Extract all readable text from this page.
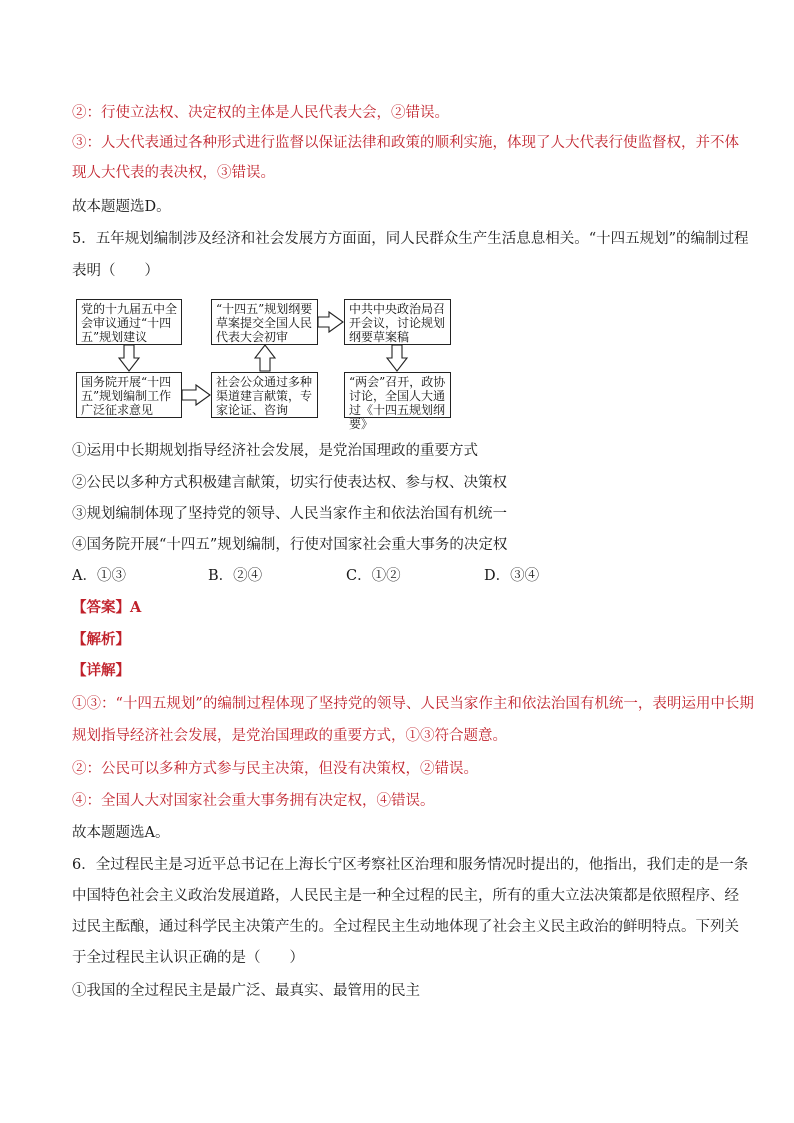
②：行使立法权、决定权的主体是人民代表大会，②错误。
③：人大代表通过各种形式进行监督以保证法律和政策的顺利实施，体现了人大代表行使监督权，并不体
现人大代表的表决权，③错误。
故本题题选D。
5．五年规划编制涉及经济和社会发展方方面面，同人民群众生产生活息息相关。“十四五规划”的编制过程
表明（　　）
党的十九届五中全会审议通过“十四五”规划建议
“十四五”规划纲要草案提交全国人民代表大会初审
中共中央政治局召开会议，讨论规划纲要草案稿
国务院开展“十四五”规划编制工作广泛征求意见
社会公众通过多种渠道建言献策，专家论证、咨询
“两会”召开，政协讨论，全国人大通过《十四五规划纲要》
①运用中长期规划指导经济社会发展，是党治国理政的重要方式
②公民以多种方式积极建言献策，切实行使表达权、参与权、决策权
③规划编制体现了坚持党的领导、人民当家作主和依法治国有机统一
④国务院开展“十四五”规划编制，行使对国家社会重大事务的决定权
A．①③	B．②④	C．①②	D．③④
【答案】A
【解析】
【详解】
①③：“十四五规划”的编制过程体现了坚持党的领导、人民当家作主和依法治国有机统一，表明运用中长期
规划指导经济社会发展，是党治国理政的重要方式，①③符合题意。
②：公民可以多种方式参与民主决策，但没有决策权，②错误。
④：全国人大对国家社会重大事务拥有决定权，④错误。
故本题题选A。
6．全过程民主是习近平总书记在上海长宁区考察社区治理和服务情况时提出的，他指出，我们走的是一条
中国特色社会主义政治发展道路，人民民主是一种全过程的民主，所有的重大立法决策都是依照程序、经
过民主酝酿，通过科学民主决策产生的。全过程民主生动地体现了社会主义民主政治的鲜明特点。下列关
于全过程民主认识正确的是（　　）
①我国的全过程民主是最广泛、最真实、最管用的民主
